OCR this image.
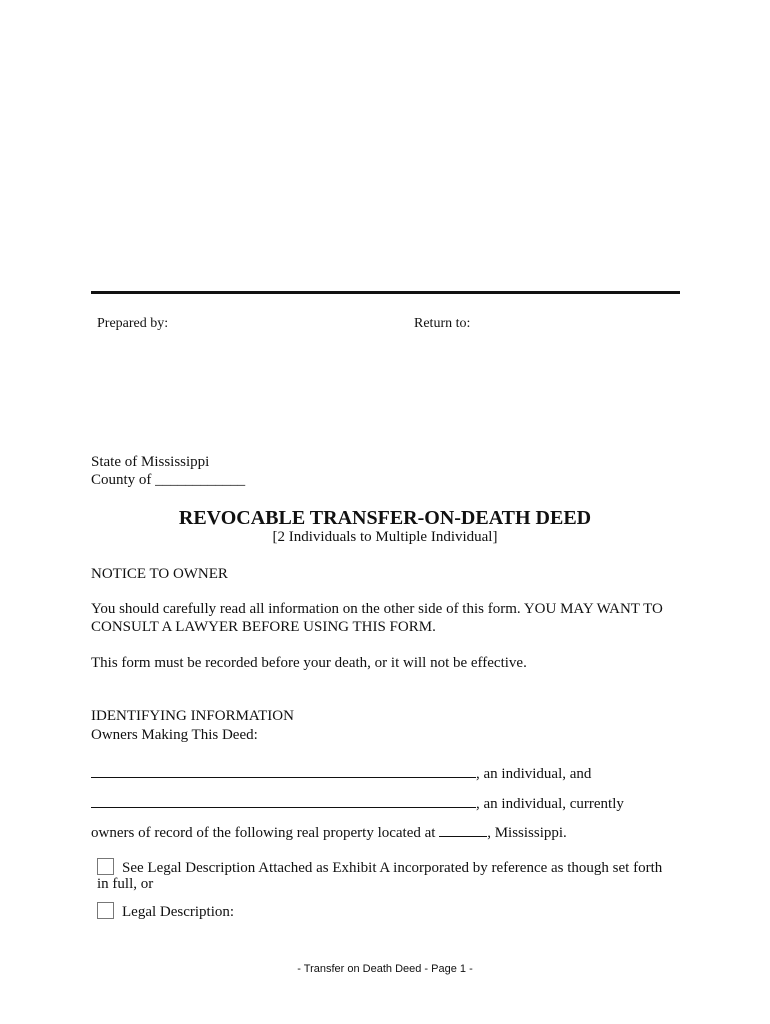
Prepared by:	Return to:
State of Mississippi
County of ____________
REVOCABLE TRANSFER-ON-DEATH DEED
[2 Individuals to Multiple Individual]
NOTICE TO OWNER
You should carefully read all information on the other side of this form. YOU MAY WANT TO
CONSULT A LAWYER BEFORE USING THIS FORM.
This form must be recorded before your death, or it will not be effective.
IDENTIFYING INFORMATION
Owners Making This Deed:
, an individual, and
, an individual, currently
owners of record of the following real property located at	, Mississippi.
See Legal Description Attached as Exhibit A incorporated by reference as though set forth
in full, or
Legal Description:
- Transfer on Death Deed - Page 1 -
